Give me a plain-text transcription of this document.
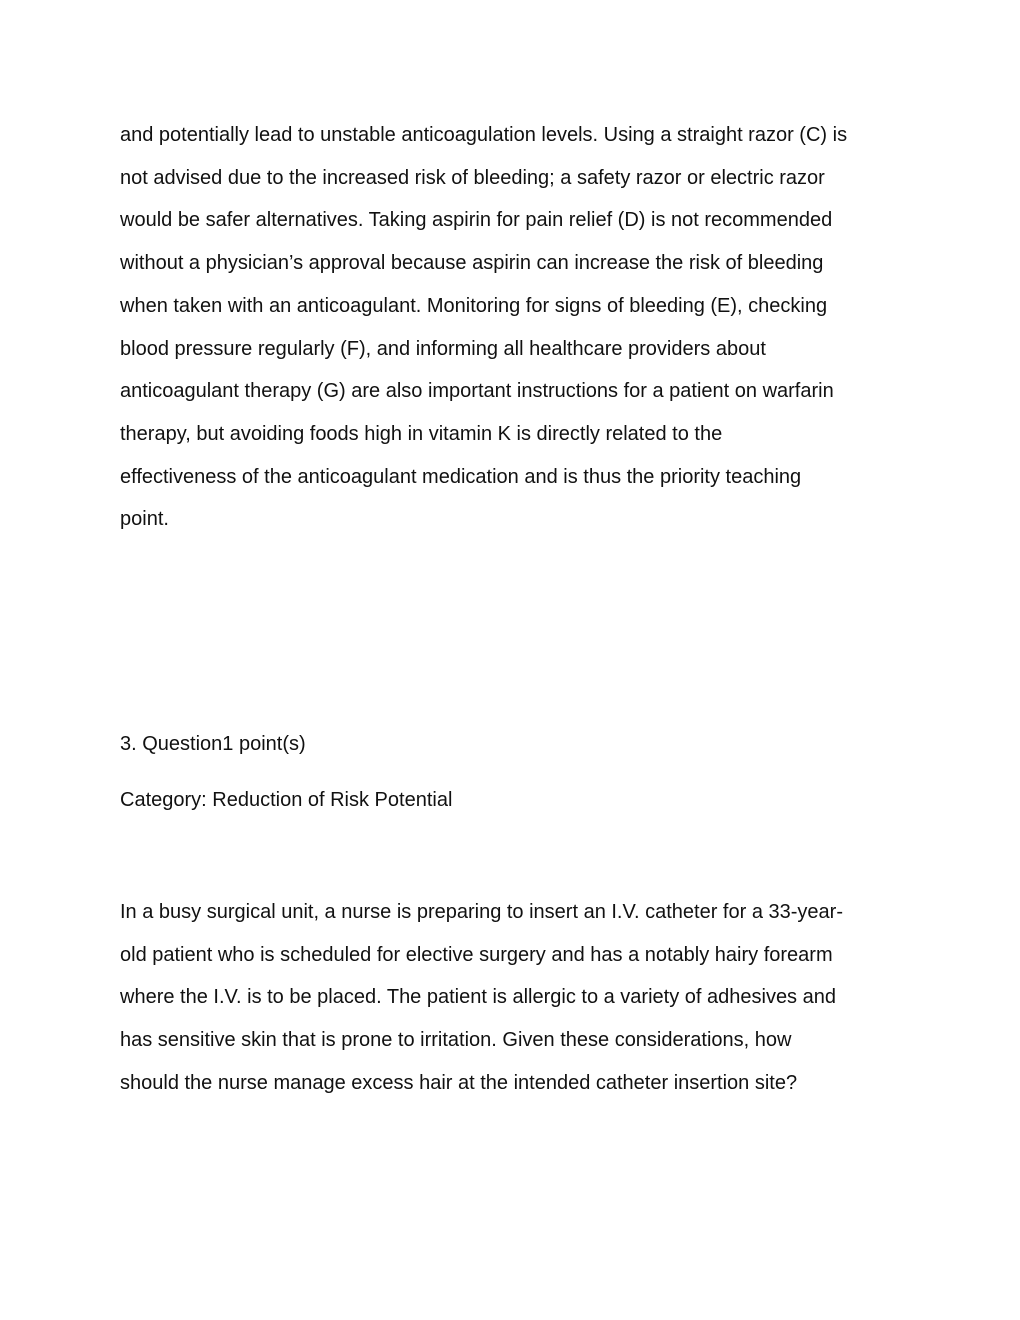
and potentially lead to unstable anticoagulation levels. Using a straight razor (C) is
not advised due to the increased risk of bleeding; a safety razor or electric razor
would be safer alternatives. Taking aspirin for pain relief (D) is not recommended
without a physician’s approval because aspirin can increase the risk of bleeding
when taken with an anticoagulant. Monitoring for signs of bleeding (E), checking
blood pressure regularly (F), and informing all healthcare providers about
anticoagulant therapy (G) are also important instructions for a patient on warfarin
therapy, but avoiding foods high in vitamin K is directly related to the
effectiveness of the anticoagulant medication and is thus the priority teaching
point.
3. Question1 point(s)
Category: Reduction of Risk Potential
In a busy surgical unit, a nurse is preparing to insert an I.V. catheter for a 33-year-
old patient who is scheduled for elective surgery and has a notably hairy forearm
where the I.V. is to be placed. The patient is allergic to a variety of adhesives and
has sensitive skin that is prone to irritation. Given these considerations, how
should the nurse manage excess hair at the intended catheter insertion site?
